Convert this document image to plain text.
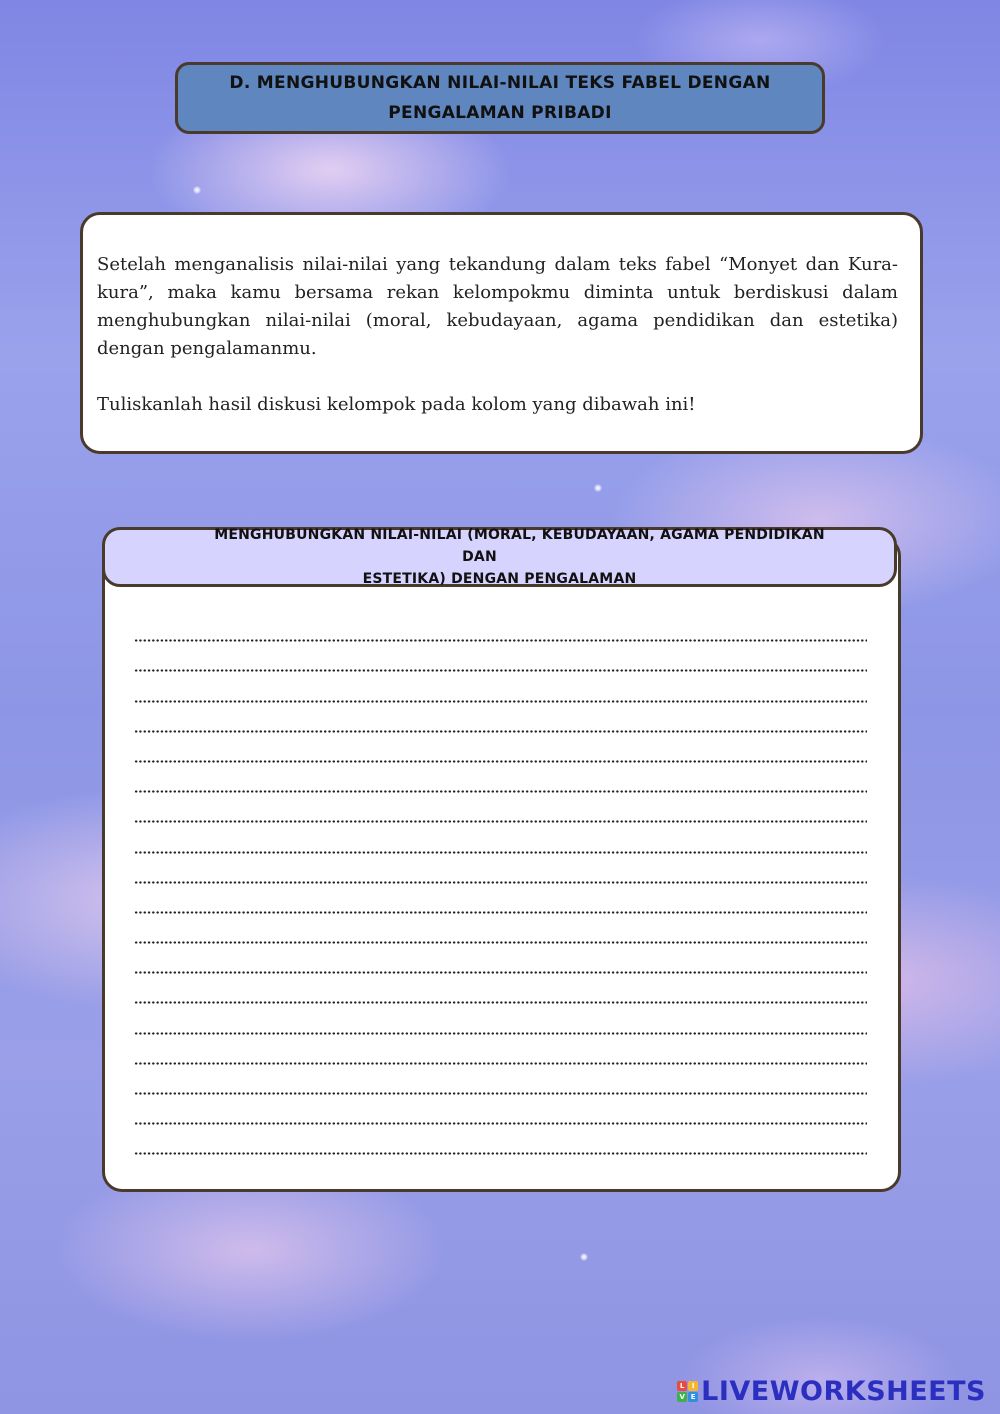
D. MENGHUBUNGKAN NILAI-NILAI TEKS FABEL DENGAN
PENGALAMAN PRIBADI

Setelah menganalisis nilai-nilai yang tekandung dalam teks fabel “Monyet dan Kura-kura”, maka kamu bersama rekan kelompokmu diminta untuk berdiskusi dalam menghubungkan nilai-nilai (moral, kebudayaan, agama pendidikan dan estetika) dengan pengalamanmu.

Tuliskanlah hasil diskusi kelompok pada kolom yang dibawah ini!

MENGHUBUNGKAN NILAI-NILAI (MORAL, KEBUDAYAAN, AGAMA PENDIDIKAN DAN
ESTETIKA) DENGAN PENGALAMAN
L	I
V E LIVEWORKSHEETS
